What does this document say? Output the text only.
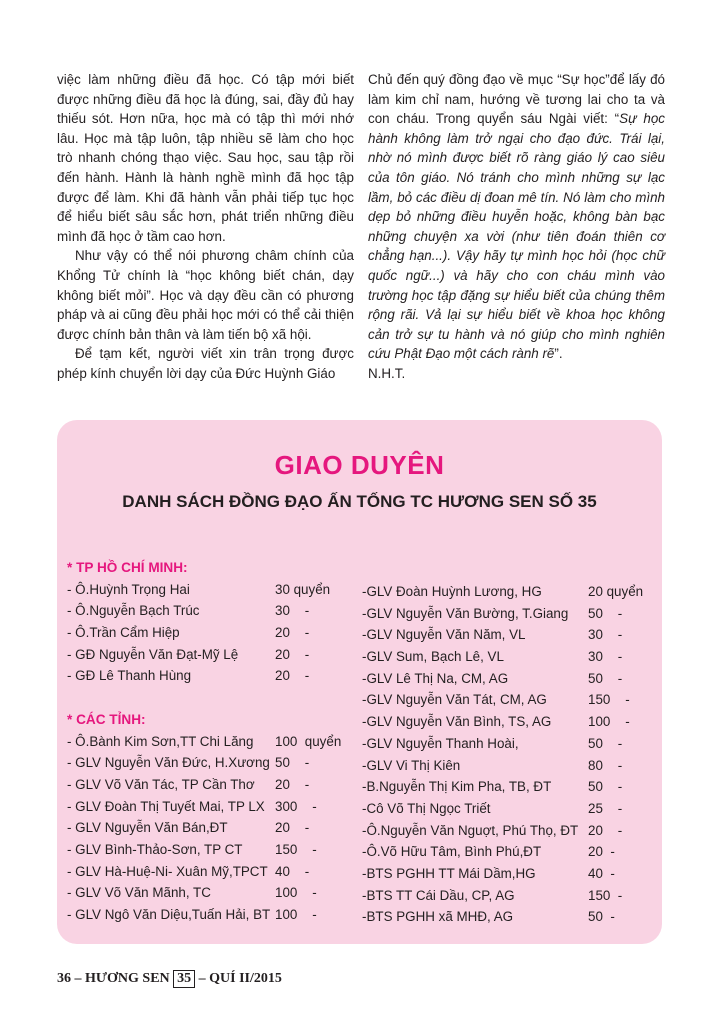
việc làm những điều đã học. Có tập mới biết được những điều đã học là đúng, sai, đầy đủ hay thiếu sót. Hơn nữa, học mà có tập thì mới nhớ lâu. Học mà tập luôn, tập nhiều sẽ làm cho học trò nhanh chóng thạo việc. Sau học, sau tập rồi đến hành. Hành là hành nghề mình đã học tập được để làm. Khi đã hành vẫn phải tiếp tục học để hiểu biết sâu sắc hơn, phát triển những điều mình đã học ở tầm cao hơn.

Như vậy có thể nói phương châm chính của Khổng Tử chính là “học không biết chán, dạy không biết mỏi”. Học và dạy đều cần có phương pháp và ai cũng đều phải học mới có thể cải thiện được chính bản thân và làm tiến bộ xã hội.

Để tạm kết, người viết xin trân trọng được phép kính chuyển lời dạy của Đức Huỳnh Giáo

Chủ đến quý đồng đạo về mục “Sự học”để lấy đó làm kim chỉ nam, hướng về tương lai cho ta và con cháu. Trong quyển sáu Ngài viết: “Sự học hành không làm trở ngại cho đạo đức. Trái lại, nhờ nó mình được biết rõ ràng giáo lý cao siêu của tôn giáo. Nó tránh cho mình những sự lạc lầm, bỏ các điều dị đoan mê tín. Nó làm cho mình dẹp bỏ những điều huyễn hoặc, không bàn bạc những chuyện xa vời (như tiên đoán thiên cơ chẳng hạn...). Vậy hãy tự mình học hỏi (học chữ quốc ngữ...) và hãy cho con cháu mình vào trường học tập đặng sự hiểu biết của chúng thêm rộng rãi. Vả lại sự hiểu biết về khoa học không cản trở sự tu hành và nó giúp cho mình nghiên cứu Phật Đạo một cách rành rẽ”.

N.H.T.

GIAO DUYÊN
DANH SÁCH ĐỒNG ĐẠO ẤN TỐNG TC HƯƠNG SEN SỐ 35
* TP HỒ CHÍ MINH:
- Ô.Huỳnh Trọng Hai	30 quyển
- Ô.Nguyễn Bạch Trúc	30    -
- Ô.Trần Cẩm Hiệp	20    -
- GĐ Nguyễn Văn Đạt-Mỹ Lệ	20    -
- GĐ Lê Thanh Hùng	20    -
* CÁC TỈNH:
- Ô.Bành Kim Sơn,TT Chi Lăng 100  quyển
- GLV Nguyễn Văn Đức, H.Xương 50    -
- GLV Võ Văn Tác, TP Cần Thơ 20    -
- GLV Đoàn Thị Tuyết Mai, TP LX 300    -
- GLV Nguyễn Văn Bán,ĐT	20    -
- GLV Bình-Thảo-Sơn, TP CT 150    -
- GLV Hà-Huệ-Ni- Xuân Mỹ,TPCT 40    -
- GLV Võ Văn Mãnh, TC	100    -
- GLV Ngô Văn Diệu,Tuấn Hải, BT 100    -
-GLV Đoàn Huỳnh Lương, HG	20 quyển
-GLV Nguyễn Văn Bường, T.Giang 50    -
-GLV Nguyễn Văn Năm, VL	30    -
-GLV Sum, Bạch Lê, VL	30    -
-GLV Lê Thị Na, CM, AG	50    -
-GLV Nguyễn Văn Tát, CM, AG	150    -
-GLV Nguyễn Văn Bình, TS, AG	100    -
-GLV Nguyễn Thanh Hoài,	50    -
-GLV Vi Thị Kiên	80    -
-B.Nguyễn Thị Kim Pha, TB, ĐT	50    -
-Cô Võ Thị Ngọc Triết	25    -
-Ô.Nguyễn Văn Nguợt, Phú Thọ, ĐT 20    -
-Ô.Võ Hữu Tâm, Bình Phú,ĐT	20  -
-BTS PGHH TT Mái Dầm,HG	40  -
-BTS TT Cái Dầu, CP, AG	150  -
-BTS PGHH xã MHĐ, AG	50  -
36 – HƯƠNG SEN 35 – QUÍ II/2015
